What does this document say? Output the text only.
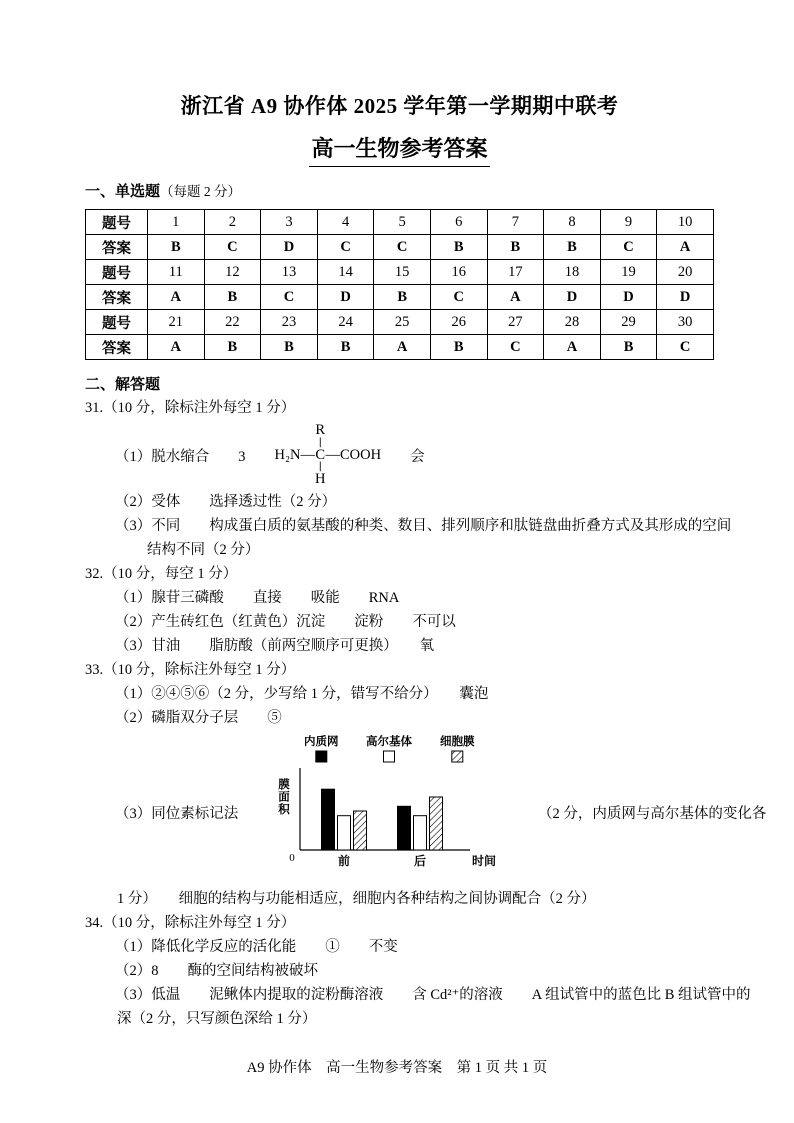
浙江省 A9 协作体 2025 学年第一学期期中联考
高一生物参考答案
一、单选题（每题 2 分）
题号	1	2	3	4	5	6	7	8	9	10
答案	B	C	D	C	C	B	B	B	C	A
题号	11	12	13	14	15	16	17	18	19	20
答案	A	B	C	D	B	C	A	D	D	D
题号	21	22	23	24	25	26	27	28	29	30
答案	A	B	B	B	A	B	C	A	B	C
二、解答题
31.（10 分，除标注外每空 1 分）
（1）脱水缩合　　3　　
R
|
H₂N— C —COOH
|
H
　　会
（2）受体　　选择透过性（2 分）
（3）不同　　构成蛋白质的氨基酸的种类、数目、排列顺序和肽链盘曲折叠方式及其形成的空间
结构不同（2 分）
32.（10 分，每空 1 分）
（1）腺苷三磷酸　　直接　　吸能　　RNA
（2）产生砖红色（红黄色）沉淀　　淀粉　　不可以
（3）甘油　　脂肪酸（前两空顺序可更换）　　氧
33.（10 分，除标注外每空 1 分）
（1）②④⑤⑥（2 分，少写给 1 分，错写不给分）　　囊泡
（2）磷脂双分子层　　⑤
（3）同位素标记法
内质网 高尔基体 细胞膜
0
膜面积
前	后	时间
（2 分，内质网与高尔基体的变化各
1 分）　　细胞的结构与功能相适应，细胞内各种结构之间协调配合（2 分）
34.（10 分，除标注外每空 1 分）
（1）降低化学反应的活化能　　①　　不变
（2）8　　酶的空间结构被破坏
（3）低温　　泥鳅体内提取的淀粉酶溶液　　含 Cd²⁺的溶液　　A 组试管中的蓝色比 B 组试管中的
深（2 分，只写颜色深给 1 分）
A9 协作体　高一生物参考答案　第 1 页 共 1 页
